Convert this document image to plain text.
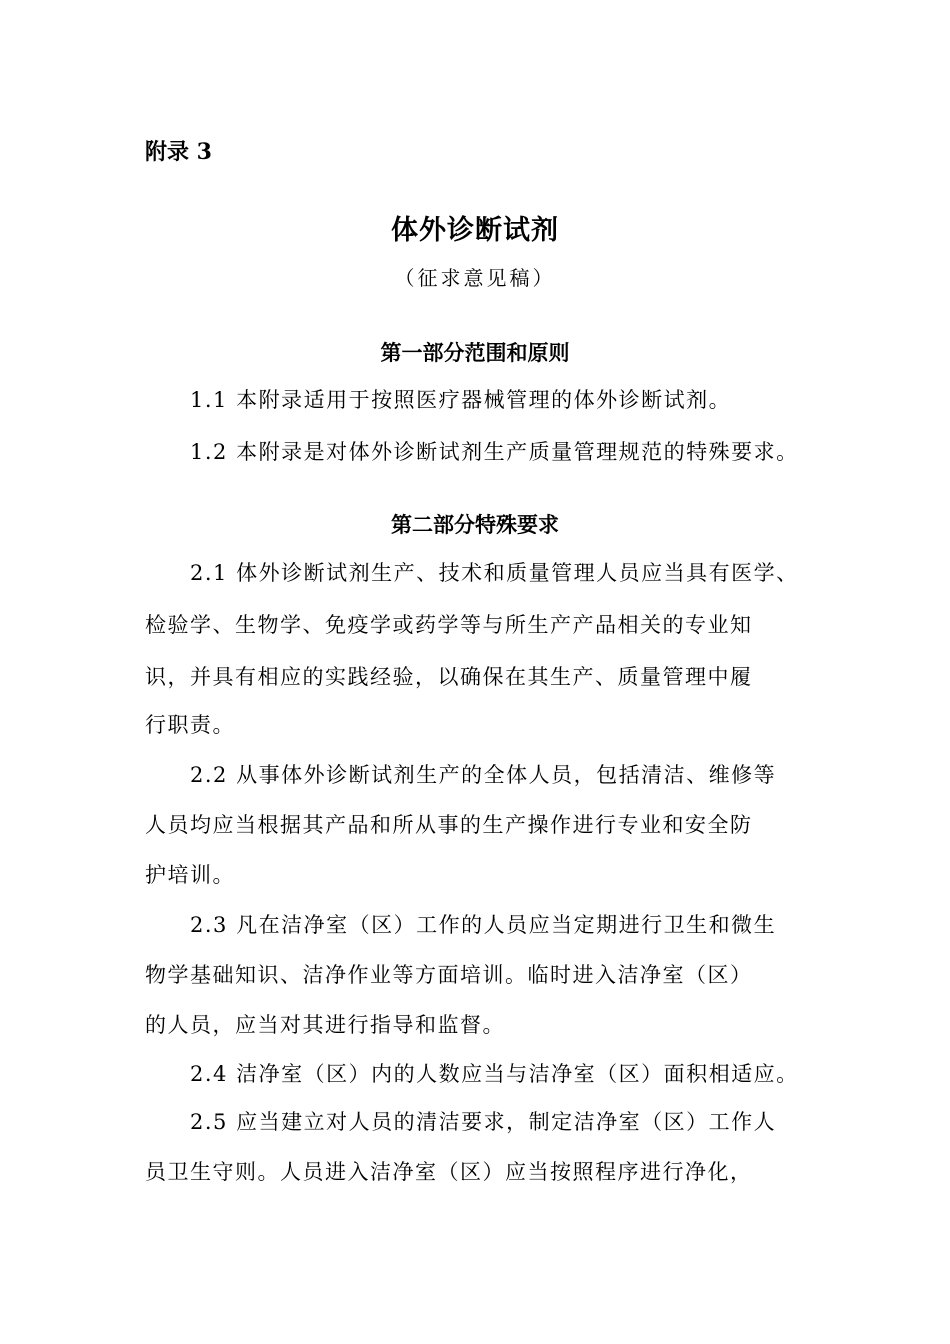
附录 3
体外诊断试剂
（征求意见稿）
第一部分范围和原则
1.1 本附录适用于按照医疗器械管理的体外诊断试剂。
1.2 本附录是对体外诊断试剂生产质量管理规范的特殊要求。
第二部分特殊要求
2.1 体外诊断试剂生产、技术和质量管理人员应当具有医学、
检验学、生物学、免疫学或药学等与所生产产品相关的专业知
识，并具有相应的实践经验，以确保在其生产、质量管理中履
行职责。
2.2 从事体外诊断试剂生产的全体人员，包括清洁、维修等
人员均应当根据其产品和所从事的生产操作进行专业和安全防
护培训。
2.3 凡在洁净室（区）工作的人员应当定期进行卫生和微生
物学基础知识、洁净作业等方面培训。临时进入洁净室（区）
的人员，应当对其进行指导和监督。
2.4 洁净室（区）内的人数应当与洁净室（区）面积相适应。
2.5 应当建立对人员的清洁要求，制定洁净室（区）工作人
员卫生守则。人员进入洁净室（区）应当按照程序进行净化，
